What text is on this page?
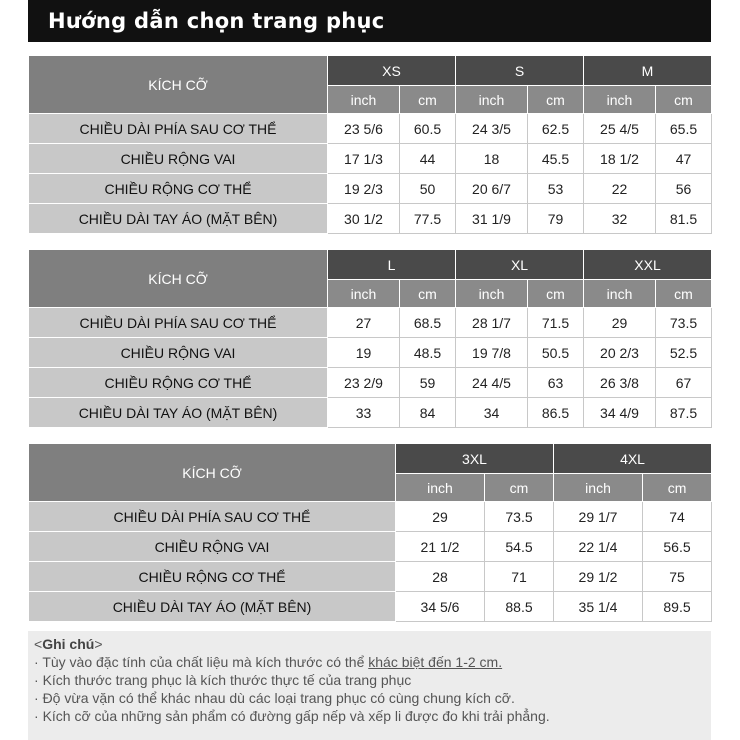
Hướng dẫn chọn trang phục
KÍCH CỠ	XS		S		M	
	inch	cm	inch	cm	inch	cm
CHIỀU DÀI PHÍA SAU CƠ THỂ	23 5/6	60.5	24 3/5	62.5	25 4/5	65.5
CHIỀU RỘNG VAI	17 1/3	44	18	45.5	18 1/2	47
CHIỀU RỘNG CƠ THỂ	19 2/3	50	20 6/7	53	22	56
CHIỀU DÀI TAY ÁO (MẶT BÊN)	30 1/2	77.5	31 1/9	79	32	81.5
KÍCH CỠ	L		XL		XXL	
	inch	cm	inch	cm	inch	cm
CHIỀU DÀI PHÍA SAU CƠ THỂ	27	68.5	28 1/7	71.5	29	73.5
CHIỀU RỘNG VAI	19	48.5	19 7/8	50.5	20 2/3	52.5
CHIỀU RỘNG CƠ THỂ	23 2/9	59	24 4/5	63	26 3/8	67
CHIỀU DÀI TAY ÁO (MẶT BÊN)	33	84	34	86.5	34 4/9	87.5
KÍCH CỠ	3XL		4XL	
	inch	cm	inch	cm
CHIỀU DÀI PHÍA SAU CƠ THỂ	29	73.5	29 1/7	74
CHIỀU RỘNG VAI	21 1/2	54.5	22 1/4	56.5
CHIỀU RỘNG CƠ THỂ	28	71	29 1/2	75
CHIỀU DÀI TAY ÁO (MẶT BÊN)	34 5/6	88.5	35 1/4	89.5
<Ghi chú>
· Tùy vào đặc tính của chất liệu mà kích thước có thể khác biệt đến 1-2 cm.
· Kích thước trang phục là kích thước thực tế của trang phục
· Độ vừa vặn có thể khác nhau dù các loại trang phục có cùng chung kích cỡ.
· Kích cỡ của những sản phẩm có đường gấp nếp và xếp li được đo khi trải phẳng.
